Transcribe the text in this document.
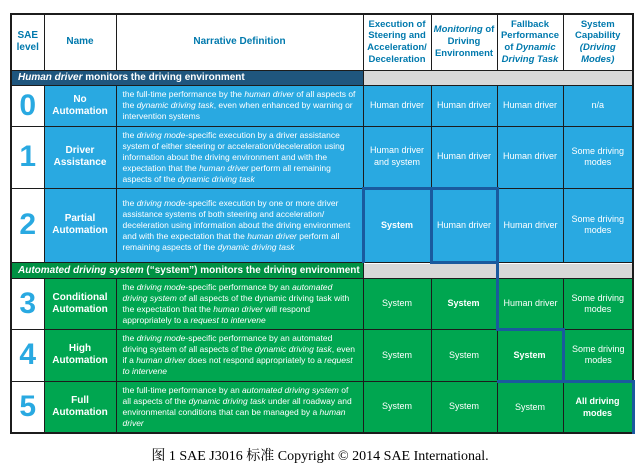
SAE level	Name	Narrative Definition	Execution of Steering and Acceleration/ Deceleration	Monitoring of Driving Environment	Fallback Performance of Dynamic Driving Task	System Capability (Driving Modes)
Human driver monitors the driving environment						
0	No Automation	the full-time performance by the human driver of all aspects of the dynamic driving task, even when enhanced by warning or intervention systems	Human driver	Human driver	Human driver	n/a
1	Driver Assistance	the driving mode-specific execution by a driver assistance system of either steering or acceleration/deceleration using information about the driving environment and with the expectation that the human driver perform all remaining aspects of the dynamic driving task	Human driver and system	Human driver	Human driver	Some driving modes
2	Partial Automation	the driving mode-specific execution by one or more driver assistance systems of both steering and acceleration/ deceleration using information about the driving environment and with the expectation that the human driver perform all remaining aspects of the dynamic driving task	System	Human driver	Human driver	Some driving modes
Automated driving system (“system”) monitors the driving environment						

3	Conditional Automation	the driving mode-specific performance by an automated driving system of all aspects of the dynamic driving task with the expectation that the human driver will respond appropriately to a request to intervene	System	System	Human driver	Some driving modes
4	High Automation	the driving mode-specific performance by an automated driving system of all aspects of the dynamic driving task, even if a human driver does not respond appropriately to a request to intervene	System	System	System	Some driving modes
5	Full Automation	the full-time performance by an automated driving system of all aspects of the dynamic driving task under all roadway and environmental conditions that can be managed by a human driver	System	System	System	All driving modes
图 1 SAE J3016 标准 Copyright © 2014 SAE International.
